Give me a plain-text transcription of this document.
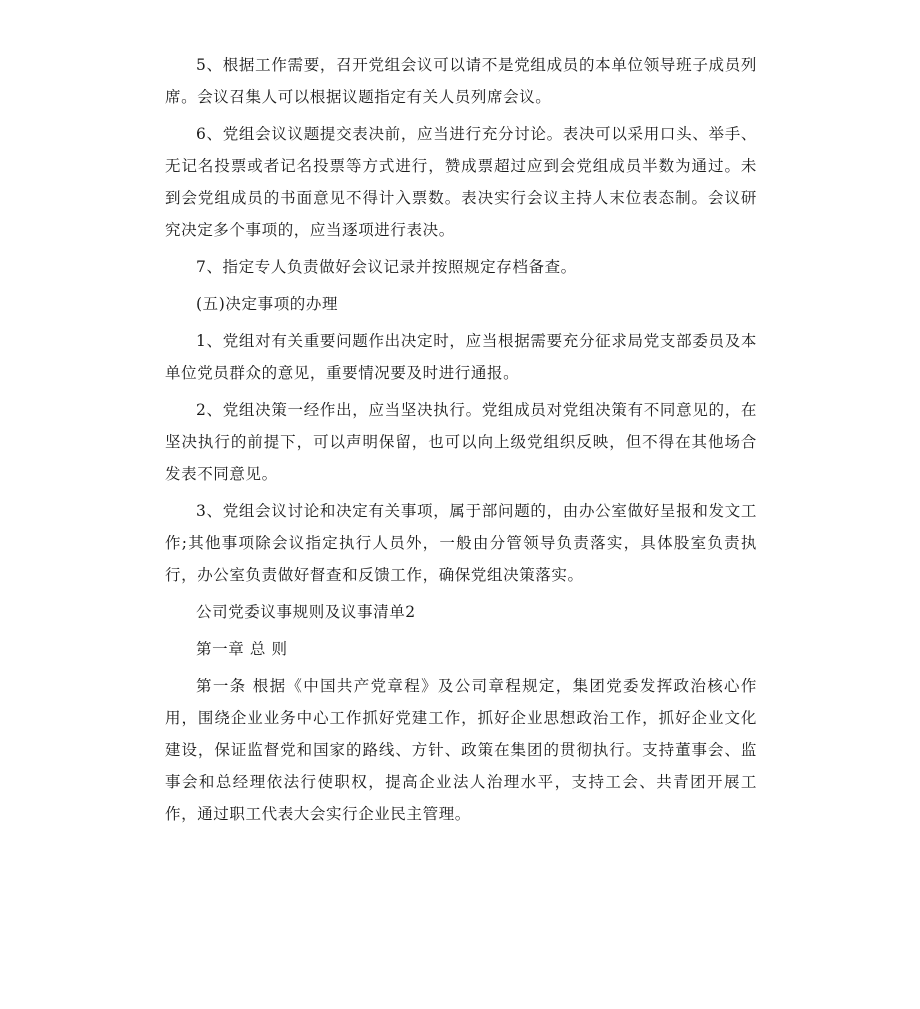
5、根据工作需要，召开党组会议可以请不是党组成员的本单位领导班子成员列席。会议召集人可以根据议题指定有关人员列席会议。

6、党组会议议题提交表决前，应当进行充分讨论。表决可以采用口头、举手、无记名投票或者记名投票等方式进行，赞成票超过应到会党组成员半数为通过。未到会党组成员的书面意见不得计入票数。表决实行会议主持人末位表态制。会议研究决定多个事项的，应当逐项进行表决。

7、指定专人负责做好会议记录并按照规定存档备查。

(五)决定事项的办理

1、党组对有关重要问题作出决定时，应当根据需要充分征求局党支部委员及本单位党员群众的意见，重要情况要及时进行通报。

2、党组决策一经作出，应当坚决执行。党组成员对党组决策有不同意见的，在坚决执行的前提下，可以声明保留，也可以向上级党组织反映，但不得在其他场合发表不同意见。

3、党组会议讨论和决定有关事项，属于部问题的，由办公室做好呈报和发文工作;其他事项除会议指定执行人员外，一般由分管领导负责落实，具体股室负责执行，办公室负责做好督查和反馈工作，确保党组决策落实。

公司党委议事规则及议事清单2

第一章 总 则

第一条 根据《中国共产党章程》及公司章程规定，集团党委发挥政治核心作用，围绕企业业务中心工作抓好党建工作，抓好企业思想政治工作，抓好企业文化建设，保证监督党和国家的路线、方针、政策在集团的贯彻执行。支持董事会、监事会和总经理依法行使职权，提高企业法人治理水平，支持工会、共青团开展工作，通过职工代表大会实行企业民主管理。
